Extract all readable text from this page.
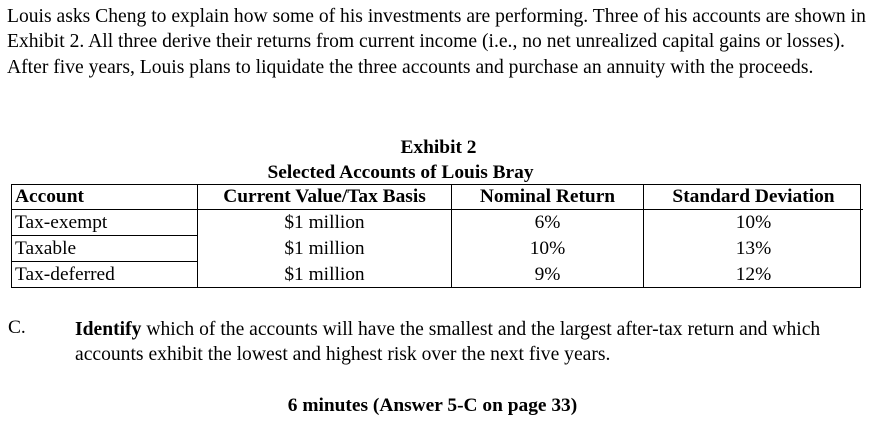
Louis asks Cheng to explain how some of his investments are performing. Three of his accounts are shown in Exhibit 2. All three derive their returns from current income (i.e., no net unrealized capital gains or losses). After five years, Louis plans to liquidate the three accounts and purchase an annuity with the proceeds.

Exhibit 2
Selected Accounts of Louis Bray
Account	Current Value/Tax Basis	Nominal Return	Standard Deviation
Tax-exempt	$1 million	6%	10%
Taxable	$1 million	10%	13%
Tax-deferred	$1 million	9%	12%
C.	Identify which of the accounts will have the smallest and the largest after-tax return and which accounts exhibit the lowest and highest risk over the next five years.

6 minutes (Answer 5-C on page 33)
